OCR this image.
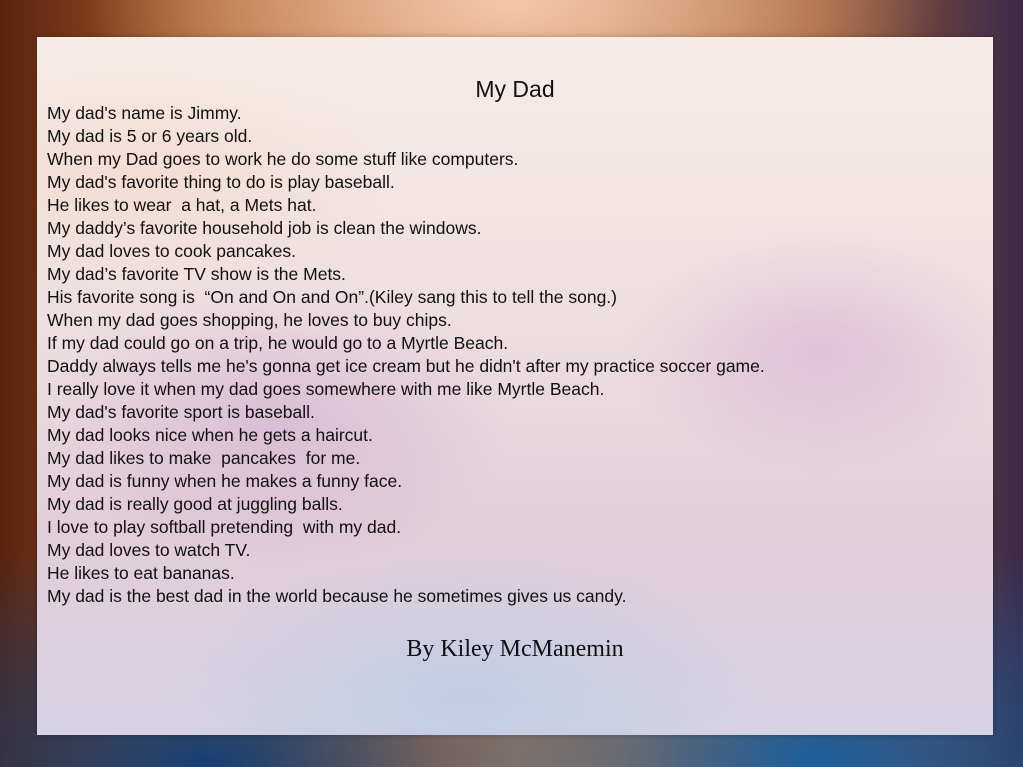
My Dad
My dad's name is Jimmy.
My dad is 5 or 6 years old.
When my Dad goes to work he do some stuff like computers.
My dad's favorite thing to do is play baseball.
He likes to wear  a hat, a Mets hat.
My daddy’s favorite household job is clean the windows.
My dad loves to cook pancakes.
My dad’s favorite TV show is the Mets.
His favorite song is  “On and On and On”.(Kiley sang this to tell the song.)
When my dad goes shopping, he loves to buy chips.
If my dad could go on a trip, he would go to a Myrtle Beach.
Daddy always tells me he's gonna get ice cream but he didn't after my practice soccer game.
I really love it when my dad goes somewhere with me like Myrtle Beach.
My dad's favorite sport is baseball.
My dad looks nice when he gets a haircut.
My dad likes to make  pancakes  for me.
My dad is funny when he makes a funny face.
My dad is really good at juggling balls.
I love to play softball pretending  with my dad.
My dad loves to watch TV.
He likes to eat bananas.
My dad is the best dad in the world because he sometimes gives us candy.
By Kiley McManemin
